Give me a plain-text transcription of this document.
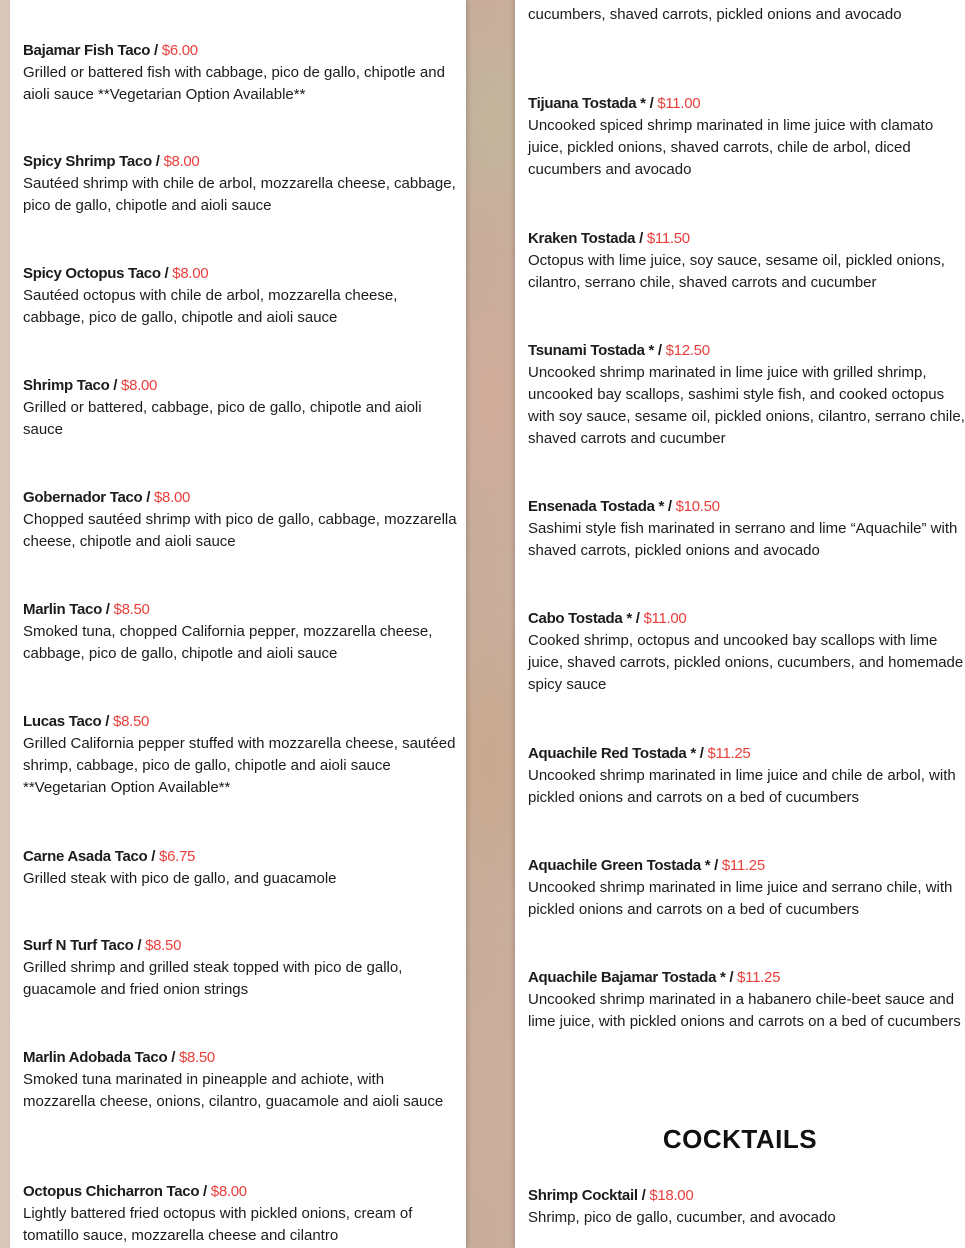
Bajamar Fish Taco / $6.00

Grilled or battered fish with cabbage, pico de gallo, chipotle and aioli sauce **Vegetarian Option Available**

Spicy Shrimp Taco / $8.00

Sautéed shrimp with chile de arbol, mozzarella cheese, cabbage, pico de gallo, chipotle and aioli sauce

Spicy Octopus Taco / $8.00

Sautéed octopus with chile de arbol, mozzarella cheese, cabbage, pico de gallo, chipotle and aioli sauce

Shrimp Taco / $8.00

Grilled or battered, cabbage, pico de gallo, chipotle and aioli sauce

Gobernador Taco / $8.00

Chopped sautéed shrimp with pico de gallo, cabbage, mozzarella cheese, chipotle and aioli sauce

Marlin Taco / $8.50

Smoked tuna, chopped California pepper, mozzarella cheese, cabbage, pico de gallo, chipotle and aioli sauce

Lucas Taco / $8.50

Grilled California pepper stuffed with mozzarella cheese, sautéed shrimp, cabbage, pico de gallo, chipotle and aioli sauce **Vegetarian Option Available**

Carne Asada Taco / $6.75

Grilled steak with pico de gallo, and guacamole

Surf N Turf Taco / $8.50

Grilled shrimp and grilled steak topped with pico de gallo, guacamole and fried onion strings

Marlin Adobada Taco / $8.50

Smoked tuna marinated in pineapple and achiote, with mozzarella cheese, onions, cilantro, guacamole and aioli sauce

Octopus Chicharron Taco / $8.00

Lightly battered fried octopus with pickled onions, cream of tomatillo sauce, mozzarella cheese and cilantro

cucumbers, shaved carrots, pickled onions and avocado

COCKTAILS
Tijuana Tostada * / $11.00

Uncooked spiced shrimp marinated in lime juice with clamato juice, pickled onions, shaved carrots, chile de arbol, diced cucumbers and avocado

Kraken Tostada / $11.50

Octopus with lime juice, soy sauce, sesame oil, pickled onions, cilantro, serrano chile, shaved carrots and cucumber

Tsunami Tostada * / $12.50

Uncooked shrimp marinated in lime juice with grilled shrimp, uncooked bay scallops, sashimi style fish, and cooked octopus with soy sauce, sesame oil, pickled onions, cilantro, serrano chile, shaved carrots and cucumber

Ensenada Tostada * / $10.50

Sashimi style fish marinated in serrano and lime “Aquachile” with shaved carrots, pickled onions and avocado

Cabo Tostada * / $11.00

Cooked shrimp, octopus and uncooked bay scallops with lime juice, shaved carrots, pickled onions, cucumbers, and homemade spicy sauce

Aquachile Red Tostada * / $11.25

Uncooked shrimp marinated in lime juice and chile de arbol, with pickled onions and carrots on a bed of cucumbers

Aquachile Green Tostada * / $11.25

Uncooked shrimp marinated in lime juice and serrano chile, with pickled onions and carrots on a bed of cucumbers

Aquachile Bajamar Tostada * / $11.25

Uncooked shrimp marinated in a habanero chile-beet sauce and lime juice, with pickled onions and carrots on a bed of cucumbers

Shrimp Cocktail / $18.00

Shrimp, pico de gallo, cucumber, and avocado
